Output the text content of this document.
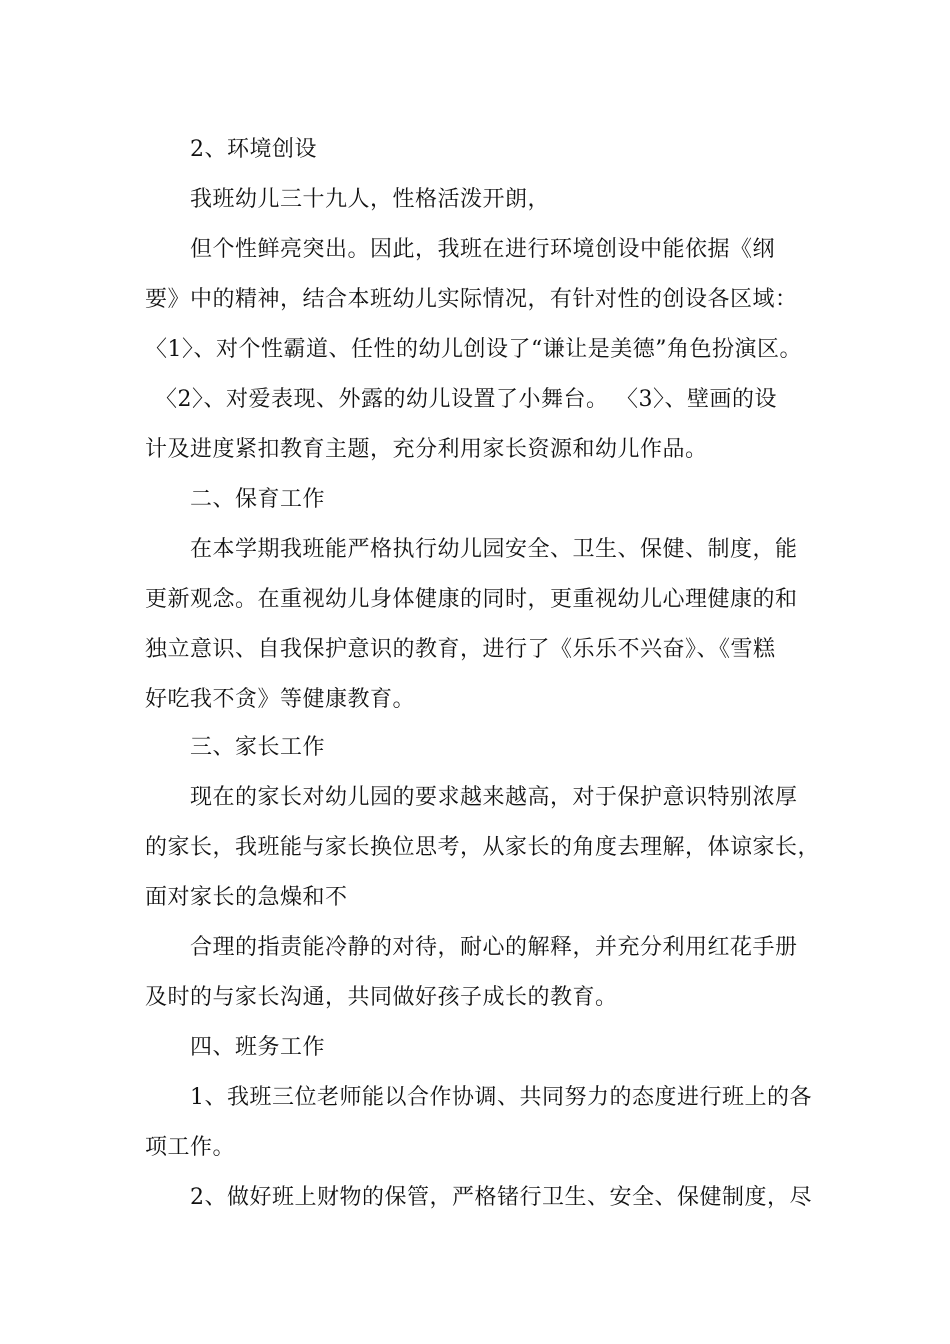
2、环境创设
我班幼儿三十九人，性格活泼开朗，
但个性鲜亮突出。因此，我班在进行环境创设中能依据《纲
要》中的精神，结合本班幼儿实际情况，有针对性的创设各区域：
〈1〉、对个性霸道、任性的幼儿创设了“谦让是美德”角色扮演区。
〈2〉、对爱表现、外露的幼儿设置了小舞台。 〈3〉、壁画的设
计及进度紧扣教育主题，充分利用家长资源和幼儿作品。
二、保育工作
在本学期我班能严格执行幼儿园安全、卫生、保健、制度，能
更新观念。在重视幼儿身体健康的同时，更重视幼儿心理健康的和
独立意识、自我保护意识的教育，进行了《乐乐不兴奋》、《雪糕
好吃我不贪》等健康教育。
三、家长工作
现在的家长对幼儿园的要求越来越高，对于保护意识特别浓厚
的家长，我班能与家长换位思考，从家长的角度去理解，体谅家长，
面对家长的急燥和不
合理的指责能冷静的对待，耐心的解释，并充分利用红花手册
及时的与家长沟通，共同做好孩子成长的教育。
四、班务工作
1、我班三位老师能以合作协调、共同努力的态度进行班上的各
项工作。
2、做好班上财物的保管，严格锗行卫生、安全、保健制度，尽
